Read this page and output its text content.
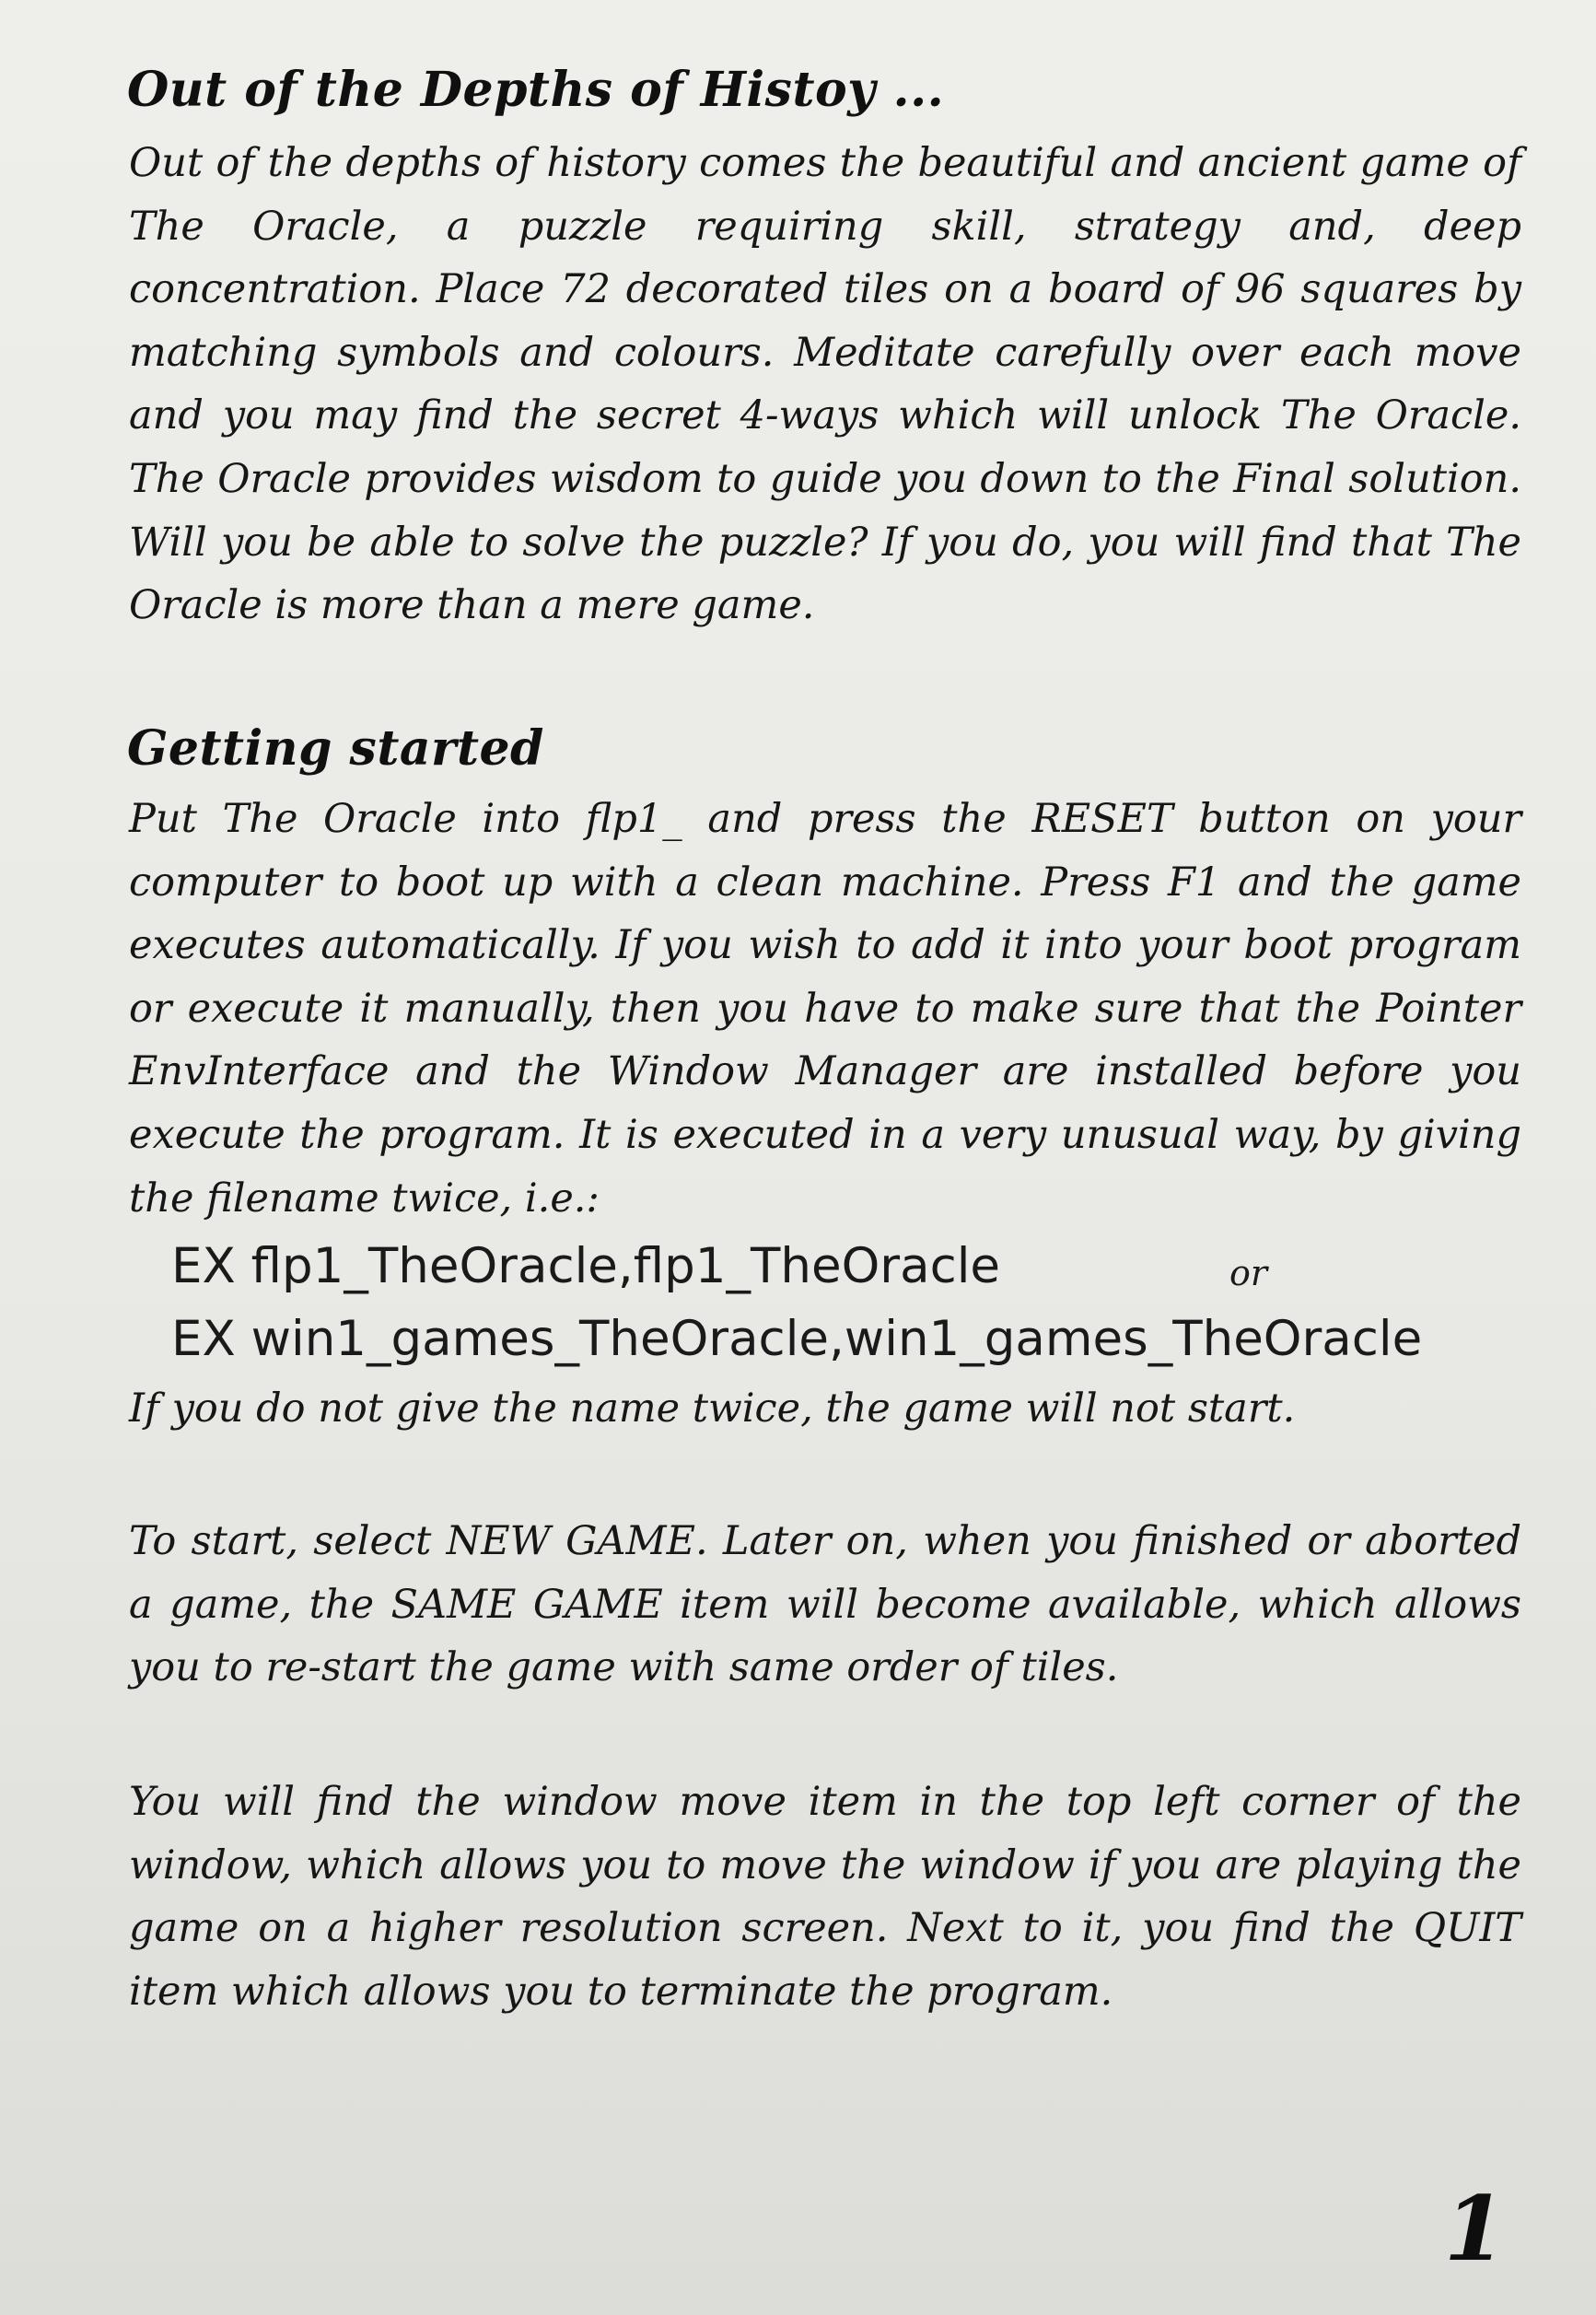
Out of the Depths of Histoy ...

Out of the depths of history comes the beautiful and ancient game of The Oracle, a puzzle requiring skill, strategy and, deep concentration. Place 72 decorated tiles on a board of 96 squares by matching symbols and colours. Meditate carefully over each move and you may find the secret 4-ways which will unlock The Oracle. The Oracle provides wisdom to guide you down to the Final solution. Will you be able to solve the puzzle? If you do, you will find that The Oracle is more than a mere game.

Getting started

Put The Oracle into flp1_ and press the RESET button on your computer to boot up with a clean machine. Press F1 and the game executes automatically. If you wish to add it into your boot program or execute it manually, then you have to make sure that the Pointer EnvInterface and the Window Manager are installed before you execute the program. It is executed in a very unusual way, by giving the filename twice, i.e.:

EX flp1_TheOracle,flp1_TheOracle	or
EX win1_games_TheOracle,win1_games_TheOracle

If you do not give the name twice, the game will not start.

To start, select NEW GAME. Later on, when you finished or aborted a game, the SAME GAME item will become available, which allows you to re-start the game with same order of tiles.

You will find the window move item in the top left corner of the window, which allows you to move the window if you are playing the game on a higher resolution screen. Next to it, you find the QUIT item which allows you to terminate the program.

1
